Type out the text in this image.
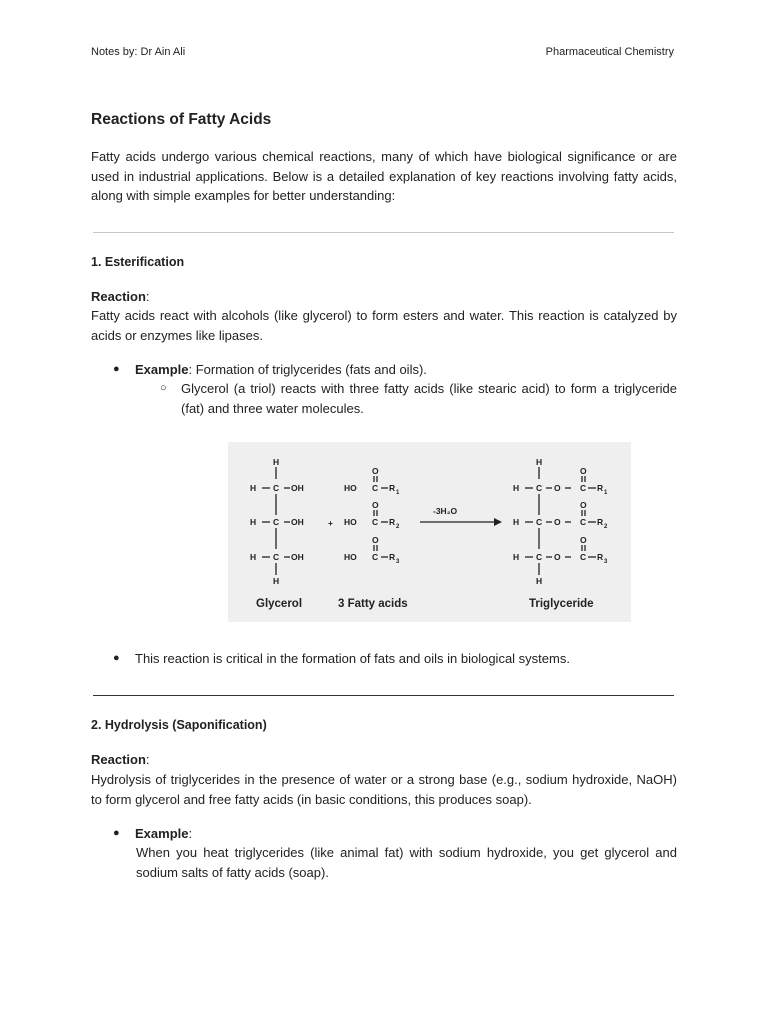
Notes by: Dr Ain Ali	Pharmaceutical Chemistry
Reactions of Fatty Acids

Fatty acids undergo various chemical reactions, many of which have biological significance or are used in industrial applications. Below is a detailed explanation of key reactions involving fatty acids, along with simple examples for better understanding:

1. Esterification
Reaction:

Fatty acids react with alcohols (like glycerol) to form esters and water. This reaction is catalyzed by acids or enzymes like lipases.

● Example: Formation of triglycerides (fats and oils).
○ Glycerol (a triol) reacts with three fatty acids (like stearic acid) to form a triglyceride (fat) and three water molecules.
H
H C OH
H C OH
H C OH
H
O
HO C R 1
O
HO C R 2
O
HO C R 3
H
H C O
O
C R 1
H C O
O
C R 2
H C O
O
C R 3
H
+
-3H₂O
Glycerol	3 Fatty acids	Triglyceride
● This reaction is critical in the formation of fats and oils in biological systems.
2. Hydrolysis (Saponification)
Reaction:

Hydrolysis of triglycerides in the presence of water or a strong base (e.g., sodium hydroxide, NaOH) to form glycerol and free fatty acids (in basic conditions, this produces soap).

● Example:
When you heat triglycerides (like animal fat) with sodium hydroxide, you get glycerol and sodium salts of fatty acids (soap).
